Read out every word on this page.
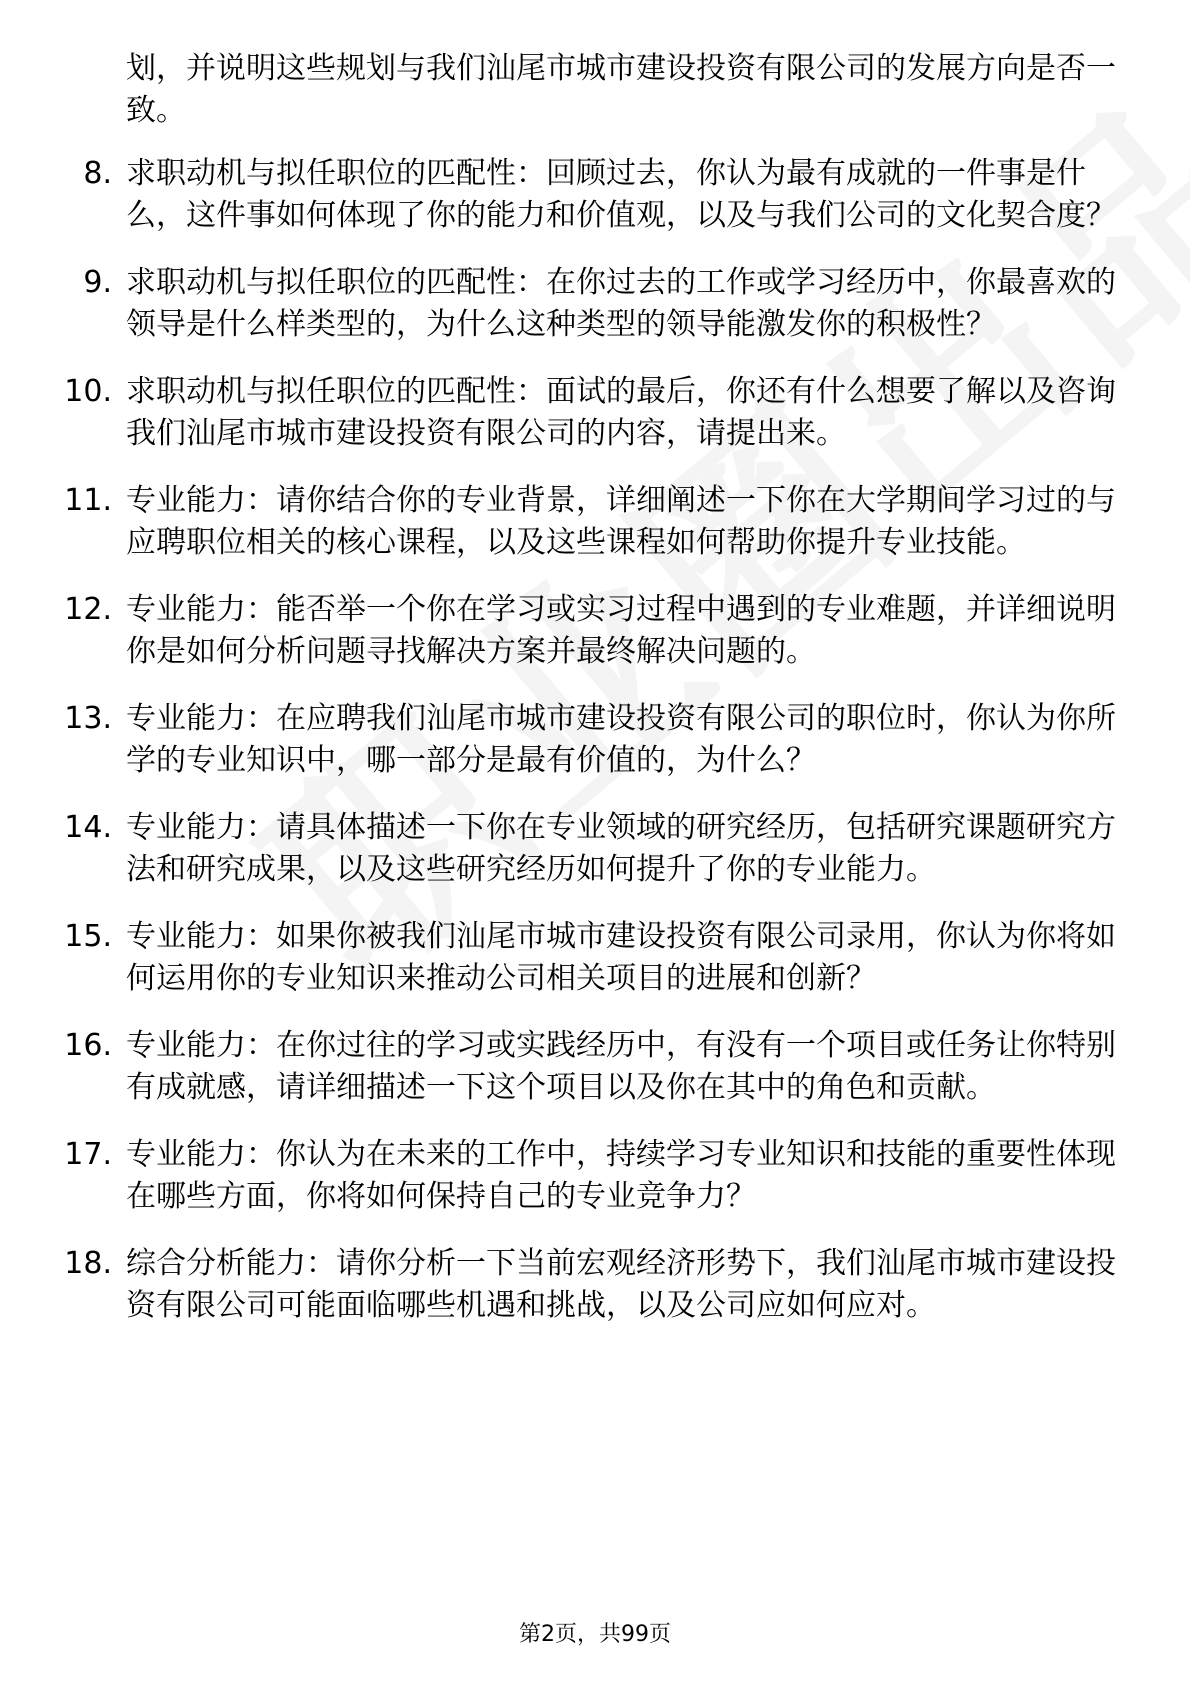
划，并说明这些规划与我们汕尾市城市建设投资有限公司的发展方向是否一致。

8. 求职动机与拟任职位的匹配性：回顾过去，你认为最有成就的一件事是什么，这件事如何体现了你的能力和价值观，以及与我们公司的文化契合度？
9. 求职动机与拟任职位的匹配性：在你过去的工作或学习经历中，你最喜欢的领导是什么样类型的，为什么这种类型的领导能激发你的积极性？
10. 求职动机与拟任职位的匹配性：面试的最后，你还有什么想要了解以及咨询我们汕尾市城市建设投资有限公司的内容，请提出来。
11. 专业能力：请你结合你的专业背景，详细阐述一下你在大学期间学习过的与应聘职位相关的核心课程，以及这些课程如何帮助你提升专业技能。
12. 专业能力：能否举一个你在学习或实习过程中遇到的专业难题，并详细说明你是如何分析问题寻找解决方案并最终解决问题的。
13. 专业能力：在应聘我们汕尾市城市建设投资有限公司的职位时，你认为你所学的专业知识中，哪一部分是最有价值的，为什么？
14. 专业能力：请具体描述一下你在专业领域的研究经历，包括研究课题研究方法和研究成果，以及这些研究经历如何提升了你的专业能力。
15. 专业能力：如果你被我们汕尾市城市建设投资有限公司录用，你认为你将如何运用你的专业知识来推动公司相关项目的进展和创新？
16. 专业能力：在你过往的学习或实践经历中，有没有一个项目或任务让你特别有成就感，请详细描述一下这个项目以及你在其中的角色和贡献。
17. 专业能力：你认为在未来的工作中，持续学习专业知识和技能的重要性体现在哪些方面，你将如何保持自己的专业竞争力？
18. 综合分析能力：请你分析一下当前宏观经济形势下，我们汕尾市城市建设投资有限公司可能面临哪些机遇和挑战，以及公司应如何应对。
第2页，共99页
